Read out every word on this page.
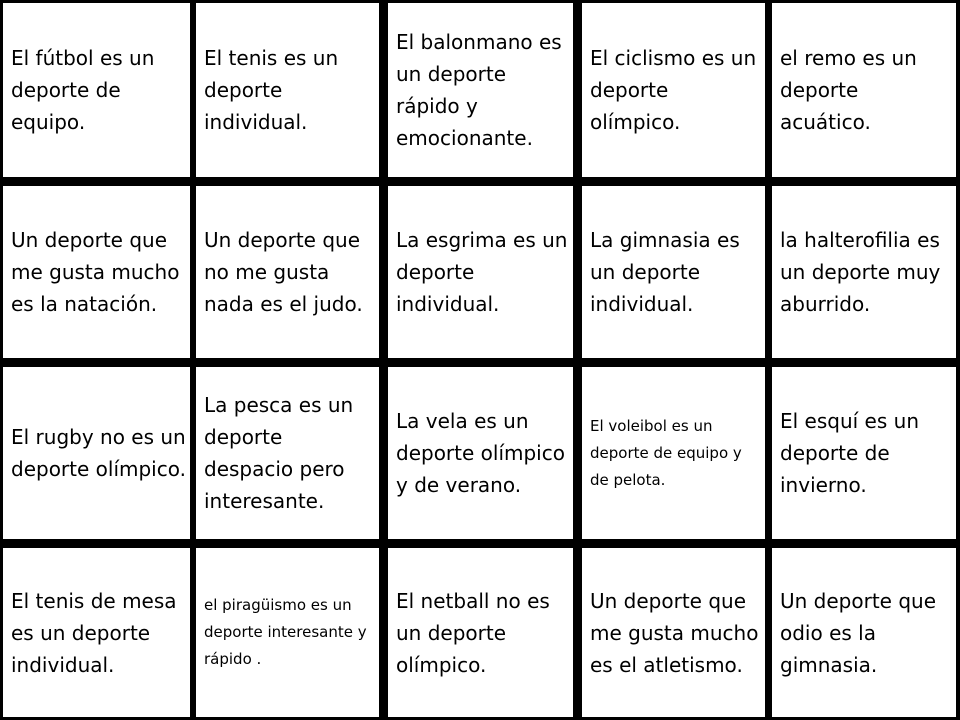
El fútbol es un deporte de equipo.

El tenis es un deporte individual.

El balonmano es un deporte rápido y emocionante.

El ciclismo es un deporte olímpico.

el remo es un deporte acuático.

Un deporte que me gusta mucho es la natación.

Un deporte que no me gusta nada es el judo.

La esgrima es un deporte individual.

La gimnasia es un deporte individual.

la halterofilia es un deporte muy aburrido.

El rugby no es un deporte olímpico.

La pesca es un deporte despacio pero interesante.

La vela es un deporte olímpico y de verano.

El voleibol es un deporte de equipo y de pelota.

El esquí es un deporte de invierno.

El tenis de mesa es un deporte individual.

el piragüismo es un deporte interesante y rápido .

El netball no es un deporte olímpico.

Un deporte que me gusta mucho es el atletismo.

Un deporte que odio es la gimnasia.
